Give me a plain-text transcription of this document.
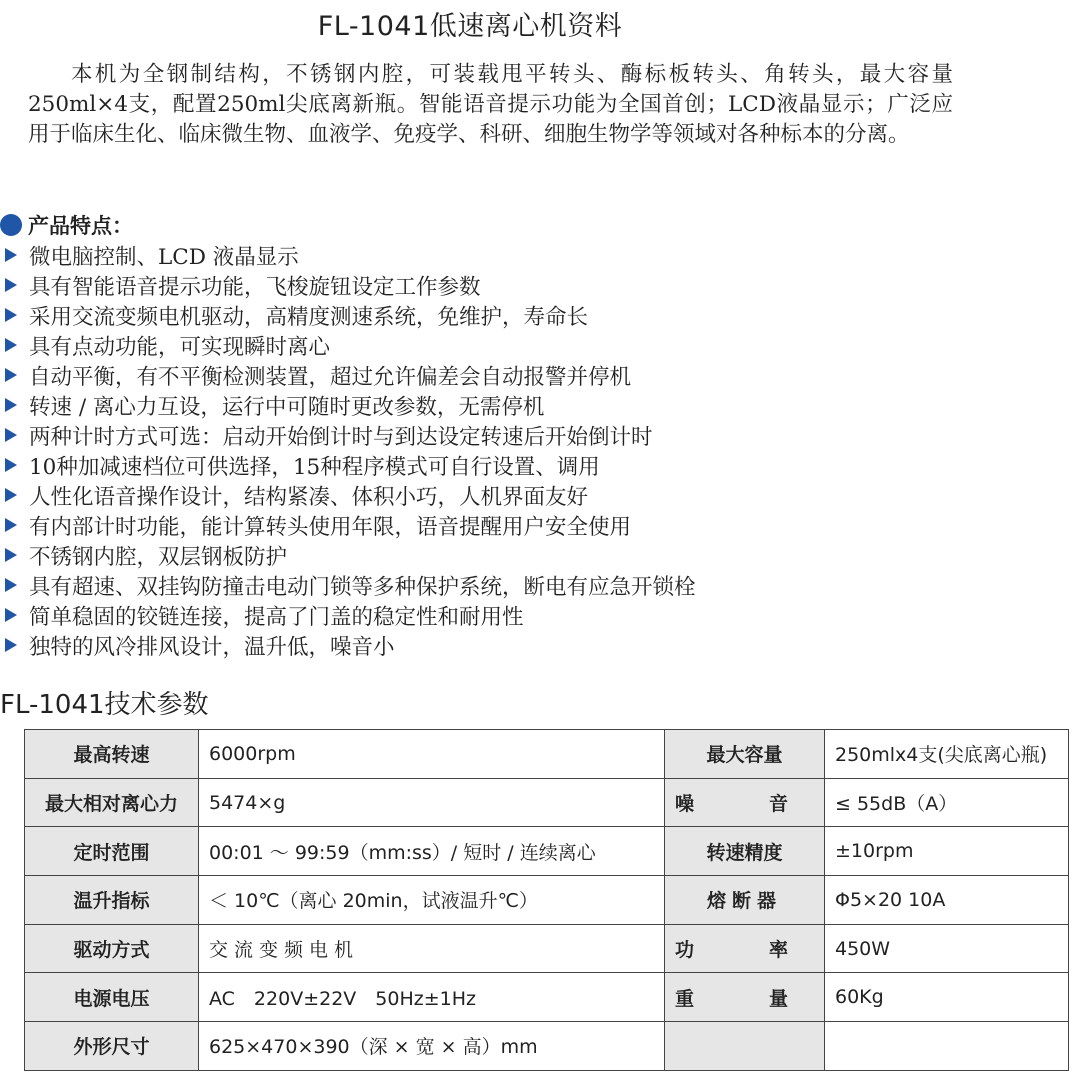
FL-1041低速离心机资料

本机为全钢制结构，不锈钢内腔，可装载甩平转头、酶标板转头、角转头，最大容量250ml×4支，配置250ml尖底离新瓶。智能语音提示功能为全国首创；LCD液晶显示；广泛应用于临床生化、临床微生物、血液学、免疫学、科研、细胞生物学等领域对各种标本的分离。

产品特点：
微电脑控制、LCD 液晶显示
具有智能语音提示功能，飞梭旋钮设定工作参数
采用交流变频电机驱动，高精度测速系统，免维护，寿命长
具有点动功能，可实现瞬时离心
自动平衡，有不平衡检测装置，超过允许偏差会自动报警并停机
转速 / 离心力互设，运行中可随时更改参数，无需停机
两种计时方式可选：启动开始倒计时与到达设定转速后开始倒计时
10种加减速档位可供选择，15种程序模式可自行设置、调用
人性化语音操作设计，结构紧凑、体积小巧，人机界面友好
有内部计时功能，能计算转头使用年限，语音提醒用户安全使用
不锈钢内腔，双层钢板防护
具有超速、双挂钩防撞击电动门锁等多种保护系统，断电有应急开锁栓
简单稳固的铰链连接，提高了门盖的稳定性和耐用性
独特的风冷排风设计，温升低，噪音小
FL-1041技术参数
最高转速	6000rpm	最大容量	250mlx4支(尖底离心瓶)
最大相对离心力	5474×g	噪　音	≤ 55dB（A）
定时范围	00:01 ～ 99:59（mm:ss）/ 短时 / 连续离心	转速精度	±10rpm
温升指标	＜ 10℃（离心 20min，试液温升℃）	熔断器	Φ5×20 10A
驱动方式	交流变频电机	功　率	450W
电源电压	AC　220V±22V　50Hz±1Hz	重　量	60Kg
外形尺寸	625×470×390（深 × 宽 × 高）mm		
